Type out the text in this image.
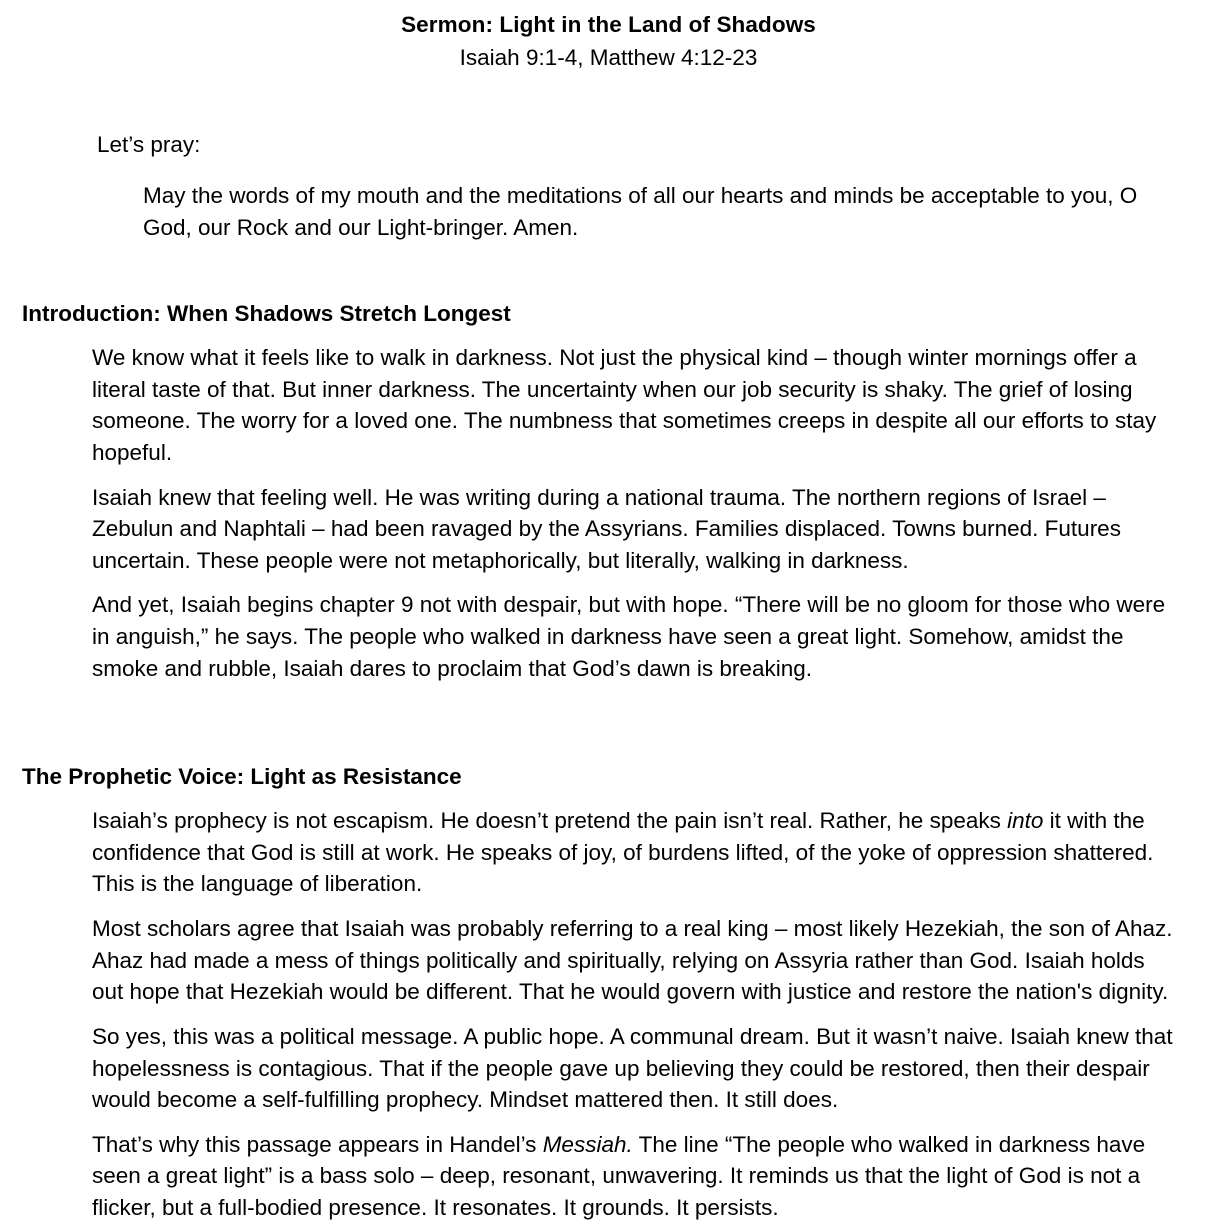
Sermon: Light in the Land of Shadows
Isaiah 9:1-4, Matthew 4:12-23
Let’s pray:
May the words of my mouth and the meditations of all our hearts and minds be acceptable to you, O God, our Rock and our Light-bringer. Amen.
Introduction: When Shadows Stretch Longest
We know what it feels like to walk in darkness. Not just the physical kind – though winter mornings offer a literal taste of that. But inner darkness. The uncertainty when our job security is shaky. The grief of losing someone. The worry for a loved one. The numbness that sometimes creeps in despite all our efforts to stay hopeful.
Isaiah knew that feeling well. He was writing during a national trauma. The northern regions of Israel – Zebulun and Naphtali – had been ravaged by the Assyrians. Families displaced. Towns burned. Futures uncertain. These people were not metaphorically, but literally, walking in darkness.
And yet, Isaiah begins chapter 9 not with despair, but with hope. “There will be no gloom for those who were in anguish,” he says. The people who walked in darkness have seen a great light. Somehow, amidst the smoke and rubble, Isaiah dares to proclaim that God’s dawn is breaking.
The Prophetic Voice: Light as Resistance
Isaiah’s prophecy is not escapism. He doesn’t pretend the pain isn’t real. Rather, he speaks into it with the confidence that God is still at work. He speaks of joy, of burdens lifted, of the yoke of oppression shattered. This is the language of liberation.
Most scholars agree that Isaiah was probably referring to a real king – most likely Hezekiah, the son of Ahaz. Ahaz had made a mess of things politically and spiritually, relying on Assyria rather than God. Isaiah holds out hope that Hezekiah would be different. That he would govern with justice and restore the nation's dignity.
So yes, this was a political message. A public hope. A communal dream. But it wasn’t naive. Isaiah knew that hopelessness is contagious. That if the people gave up believing they could be restored, then their despair would become a self-fulfilling prophecy. Mindset mattered then. It still does.
That’s why this passage appears in Handel’s Messiah. The line “The people who walked in darkness have seen a great light” is a bass solo – deep, resonant, unwavering. It reminds us that the light of God is not a flicker, but a full-bodied presence. It resonates. It grounds. It persists.
